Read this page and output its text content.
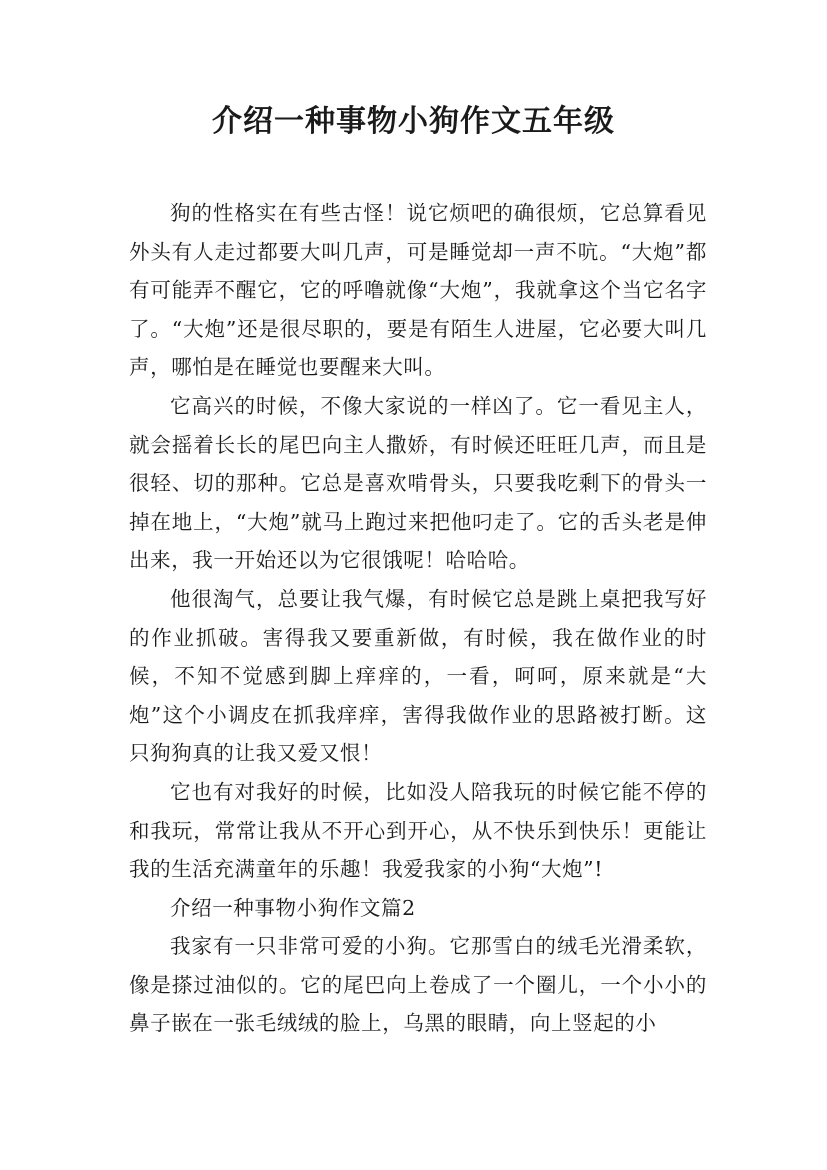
介绍一种事物小狗作文五年级

狗的性格实在有些古怪！说它烦吧的确很烦，它总算看见外头有人走过都要大叫几声，可是睡觉却一声不吭。“大炮”都有可能弄不醒它，它的呼噜就像“大炮”，我就拿这个当它名字了。“大炮”还是很尽职的，要是有陌生人进屋，它必要大叫几声，哪怕是在睡觉也要醒来大叫。

它高兴的时候，不像大家说的一样凶了。它一看见主人，就会摇着长长的尾巴向主人撒娇，有时候还旺旺几声，而且是很轻、切的那种。它总是喜欢啃骨头，只要我吃剩下的骨头一掉在地上，“大炮”就马上跑过来把他叼走了。它的舌头老是伸出来，我一开始还以为它很饿呢！哈哈哈。

他很淘气，总要让我气爆，有时候它总是跳上桌把我写好的作业抓破。害得我又要重新做，有时候，我在做作业的时候，不知不觉感到脚上痒痒的，一看，呵呵，原来就是“大炮”这个小调皮在抓我痒痒，害得我做作业的思路被打断。这只狗狗真的让我又爱又恨！

它也有对我好的时候，比如没人陪我玩的时候它能不停的和我玩，常常让我从不开心到开心，从不快乐到快乐！更能让我的生活充满童年的乐趣！我爱我家的小狗“大炮”!

介绍一种事物小狗作文篇2

我家有一只非常可爱的小狗。它那雪白的绒毛光滑柔软，像是搽过油似的。它的尾巴向上卷成了一个圈儿，一个小小的鼻子嵌在一张毛绒绒的脸上，乌黑的眼睛，向上竖起的小
